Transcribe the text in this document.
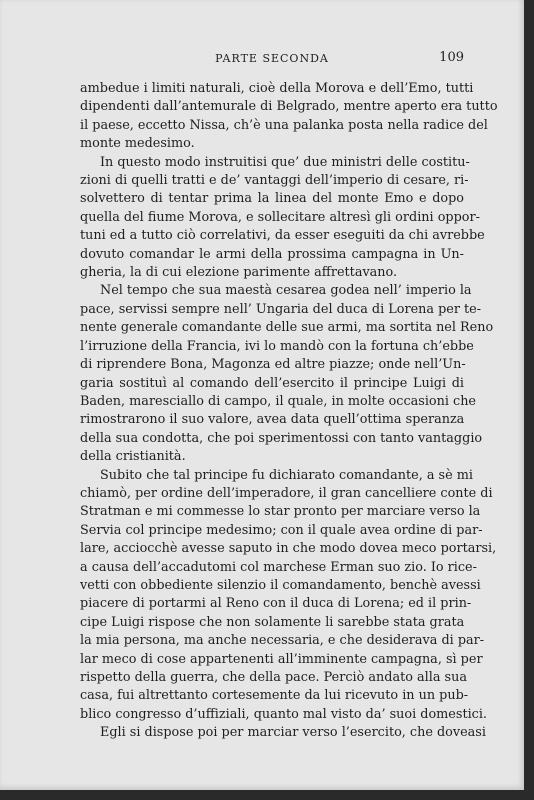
PARTE SECONDA	109

ambedue i limiti naturali, cioè della Morova e dell’Emo, tutti
dipendenti dall’antemurale di Belgrado, mentre aperto era tutto
il paese, eccetto Nissa, ch’è una palanka posta nella radice del
monte medesimo.

In questo modo instruitisi que’ due ministri delle costitu-
zioni di quelli tratti e de’ vantaggi dell’imperio di cesare, ri-
solvettero di tentar prima la linea del monte Emo e dopo
quella del fiume Morova, e sollecitare altresì gli ordini oppor-
tuni ed a tutto ciò correlativi, da esser eseguiti da chi avrebbe
dovuto comandar le armi della prossima campagna in Un-
gheria, la di cui elezione parimente affrettavano.

Nel tempo che sua maestà cesarea godea nell’ imperio la
pace, servissi sempre nell’ Ungaria del duca di Lorena per te-
nente generale comandante delle sue armi, ma sortita nel Reno
l’irruzione della Francia, ivi lo mandò con la fortuna ch’ebbe
di riprendere Bona, Magonza ed altre piazze; onde nell’Un-
garia sostituì al comando dell’esercito il principe Luigi di
Baden, maresciallo di campo, il quale, in molte occasioni che
rimostrarono il suo valore, avea data quell’ottima speranza
della sua condotta, che poi sperimentossi con tanto vantaggio
della cristianità.

Subito che tal principe fu dichiarato comandante, a sè mi
chiamò, per ordine dell’imperadore, il gran cancelliere conte di
Stratman e mi commesse lo star pronto per marciare verso la
Servia col principe medesimo; con il quale avea ordine di par-
lare, acciocchè avesse saputo in che modo dovea meco portarsi,
a causa dell’accadutomi col marchese Erman suo zio. Io rice-
vetti con obbediente silenzio il comandamento, benchè avessi
piacere di portarmi al Reno con il duca di Lorena; ed il prin-
cipe Luigi rispose che non solamente li sarebbe stata grata
la mia persona, ma anche necessaria, e che desiderava di par-
lar meco di cose appartenenti all’imminente campagna, sì per
rispetto della guerra, che della pace. Perciò andato alla sua
casa, fui altrettanto cortesemente da lui ricevuto in un pub-
blico congresso d’uffiziali, quanto mal visto da’ suoi domestici.

Egli si dispose poi per marciar verso l’esercito, che doveasi
